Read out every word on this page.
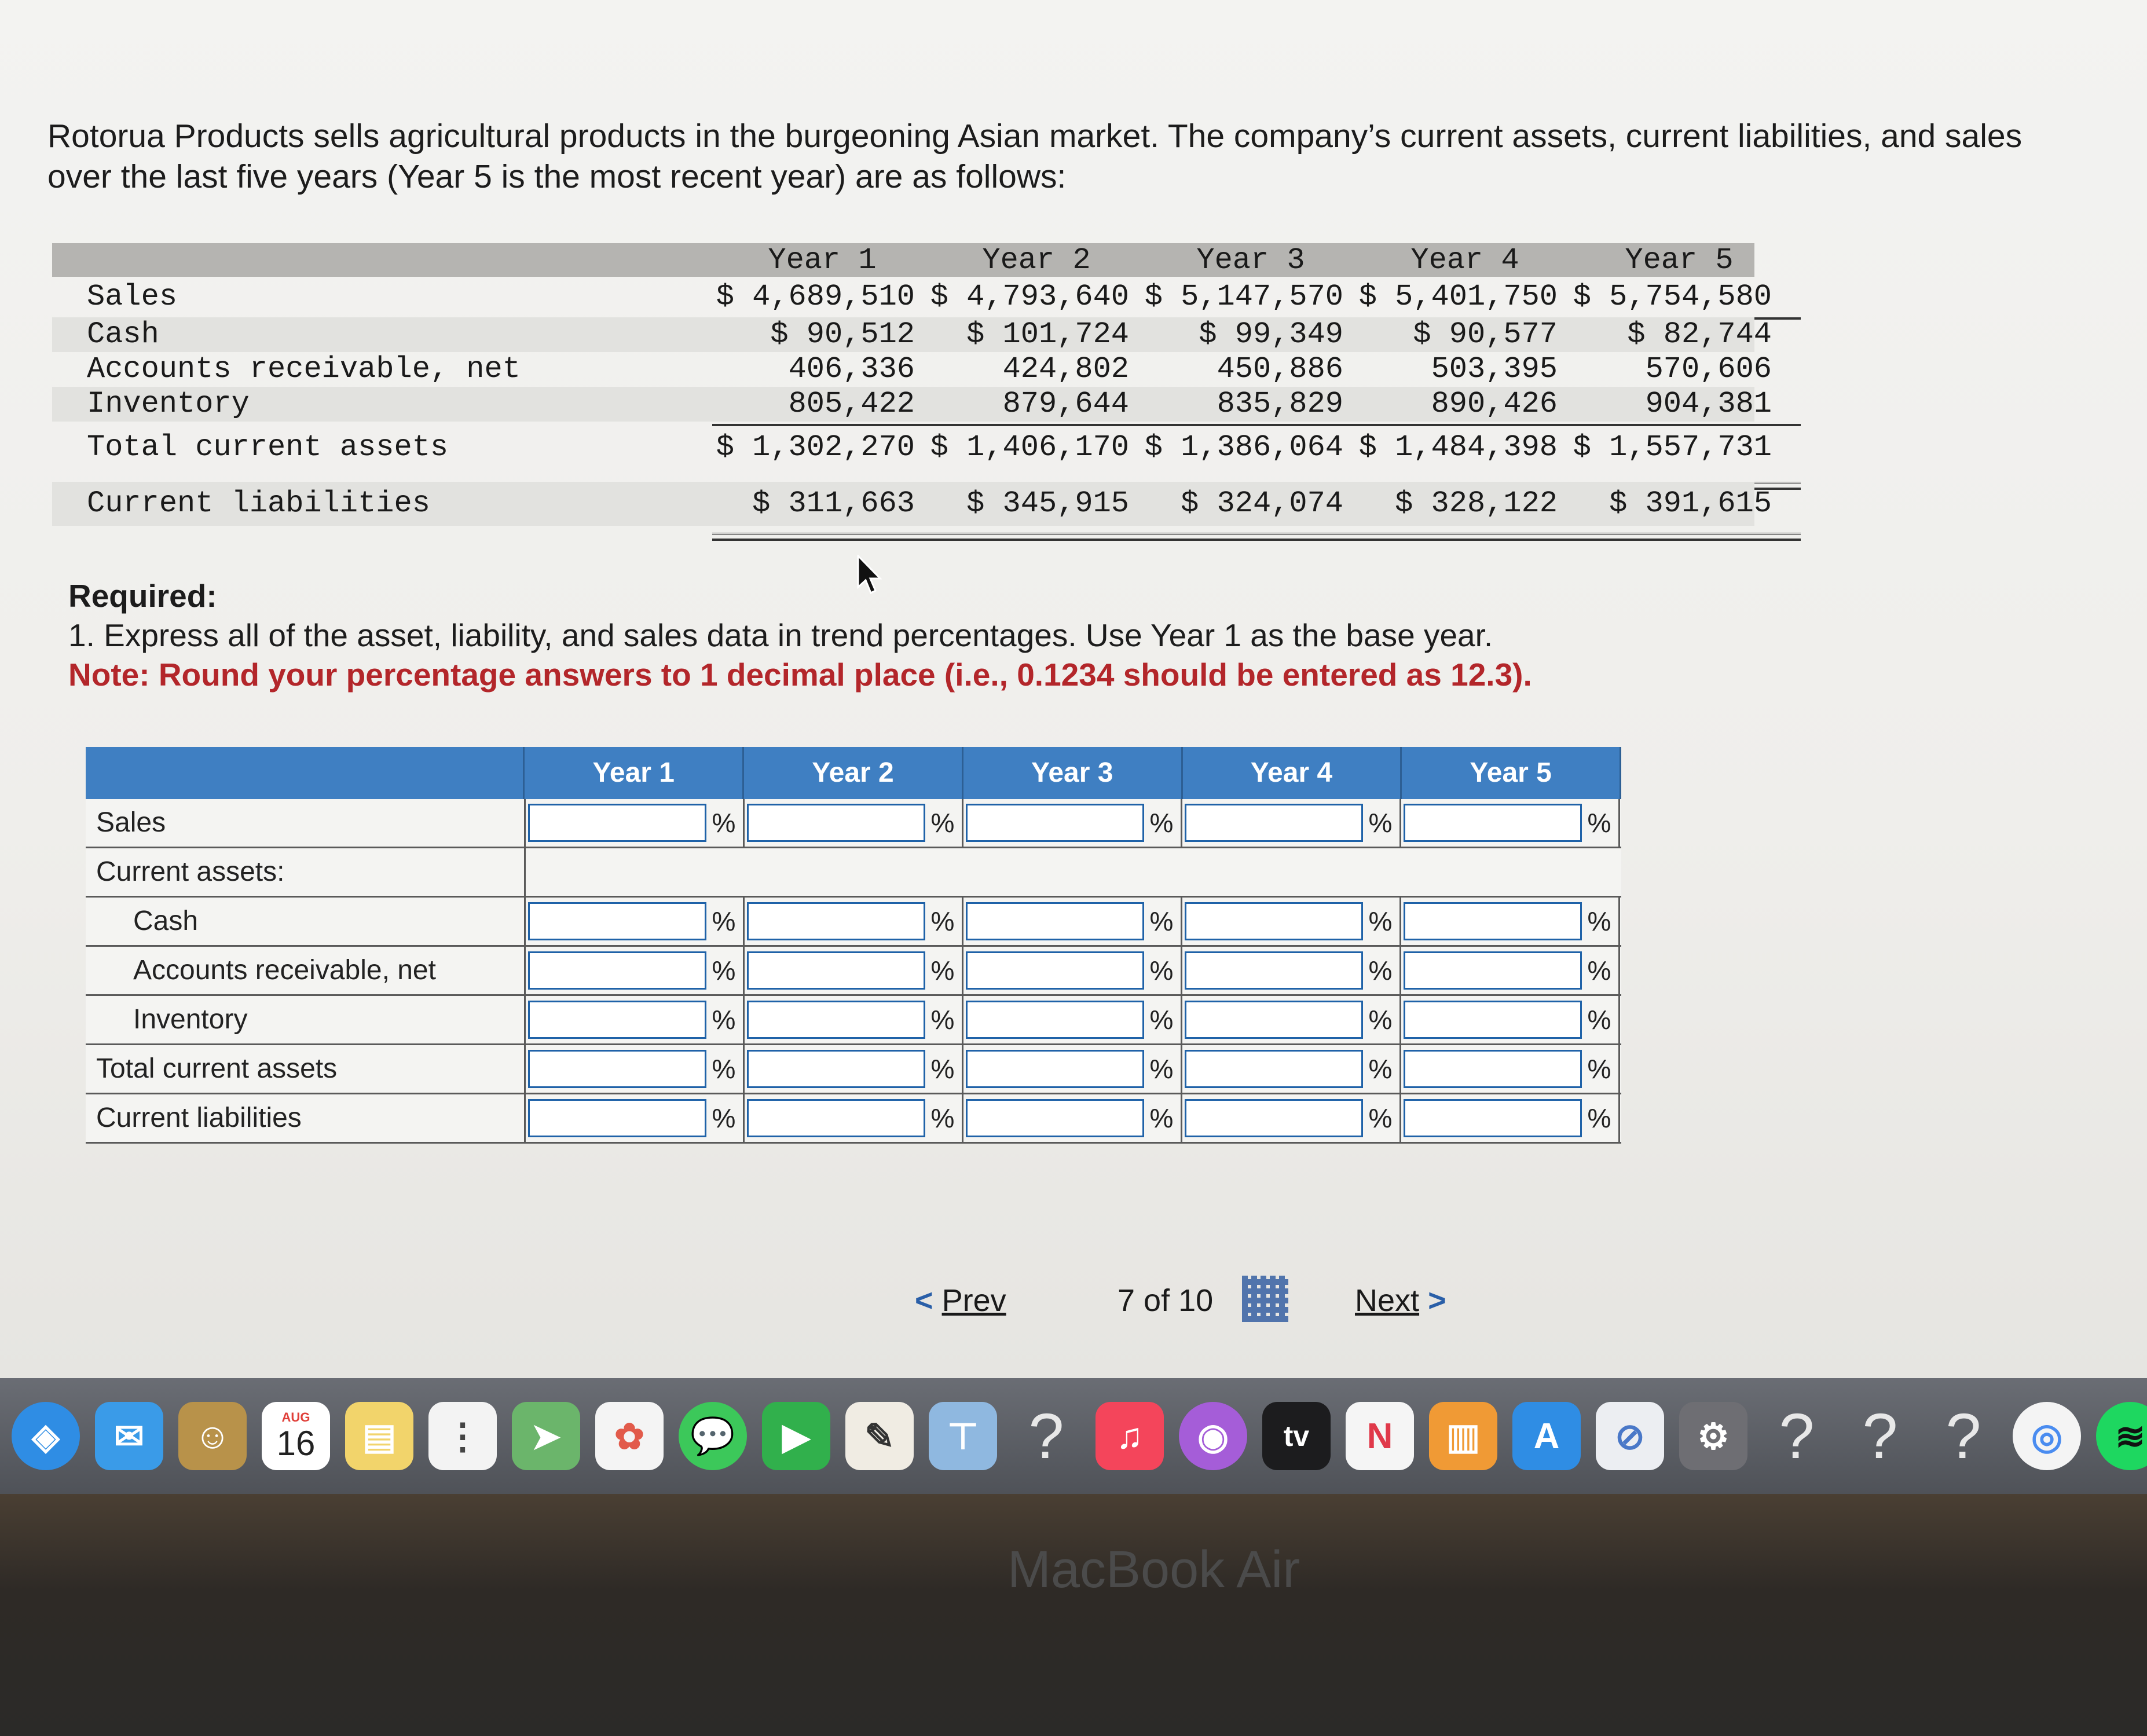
Rotorua Products sells agricultural products in the burgeoning Asian market. The company’s current assets, current liabilities, and sales over the last five years (Year 5 is the most recent year) are as follows:
Year 1	Year 2	Year 3	Year 4	Year 5
Sales	$ 4,689,510 $ 4,793,640 $ 5,147,570 $ 5,401,750 $ 5,754,580
Cash	$ 90,512	$ 101,724	$ 99,349	$ 90,577	$ 82,744
Accounts receivable, net	406,336	424,802	450,886	503,395	570,606
Inventory	805,422	879,644	835,829	890,426	904,381
Total current assets	$ 1,302,270 $ 1,406,170 $ 1,386,064 $ 1,484,398 $ 1,557,731
Current liabilities	$ 311,663	$ 345,915	$ 324,074	$ 328,122	$ 391,615
Required:
1. Express all of the asset, liability, and sales data in trend percentages. Use Year 1 as the base year.
Note: Round your percentage answers to 1 decimal place (i.e., 0.1234 should be entered as 12.3).
Year 1	Year 2	Year 3	Year 4	Year 5
Sales	%	%	%	%	%
Current assets:
Cash	%	%	%	%	%
Accounts receivable, net	%	%	%	%	%
Inventory	%	%	%	%	%
Total current assets	%	%	%	%	%
Current liabilities	%	%	%	%	%
< Prev	7 of 10	Next >
◈	✉	☺	AUG
16	▤	⋮	➤	✿	💬	▶	✎	⊤ ?	♫	◉	tv	N	▥	A	⊘	⚙ ? ? ?	◎	≋
MacBook Air
